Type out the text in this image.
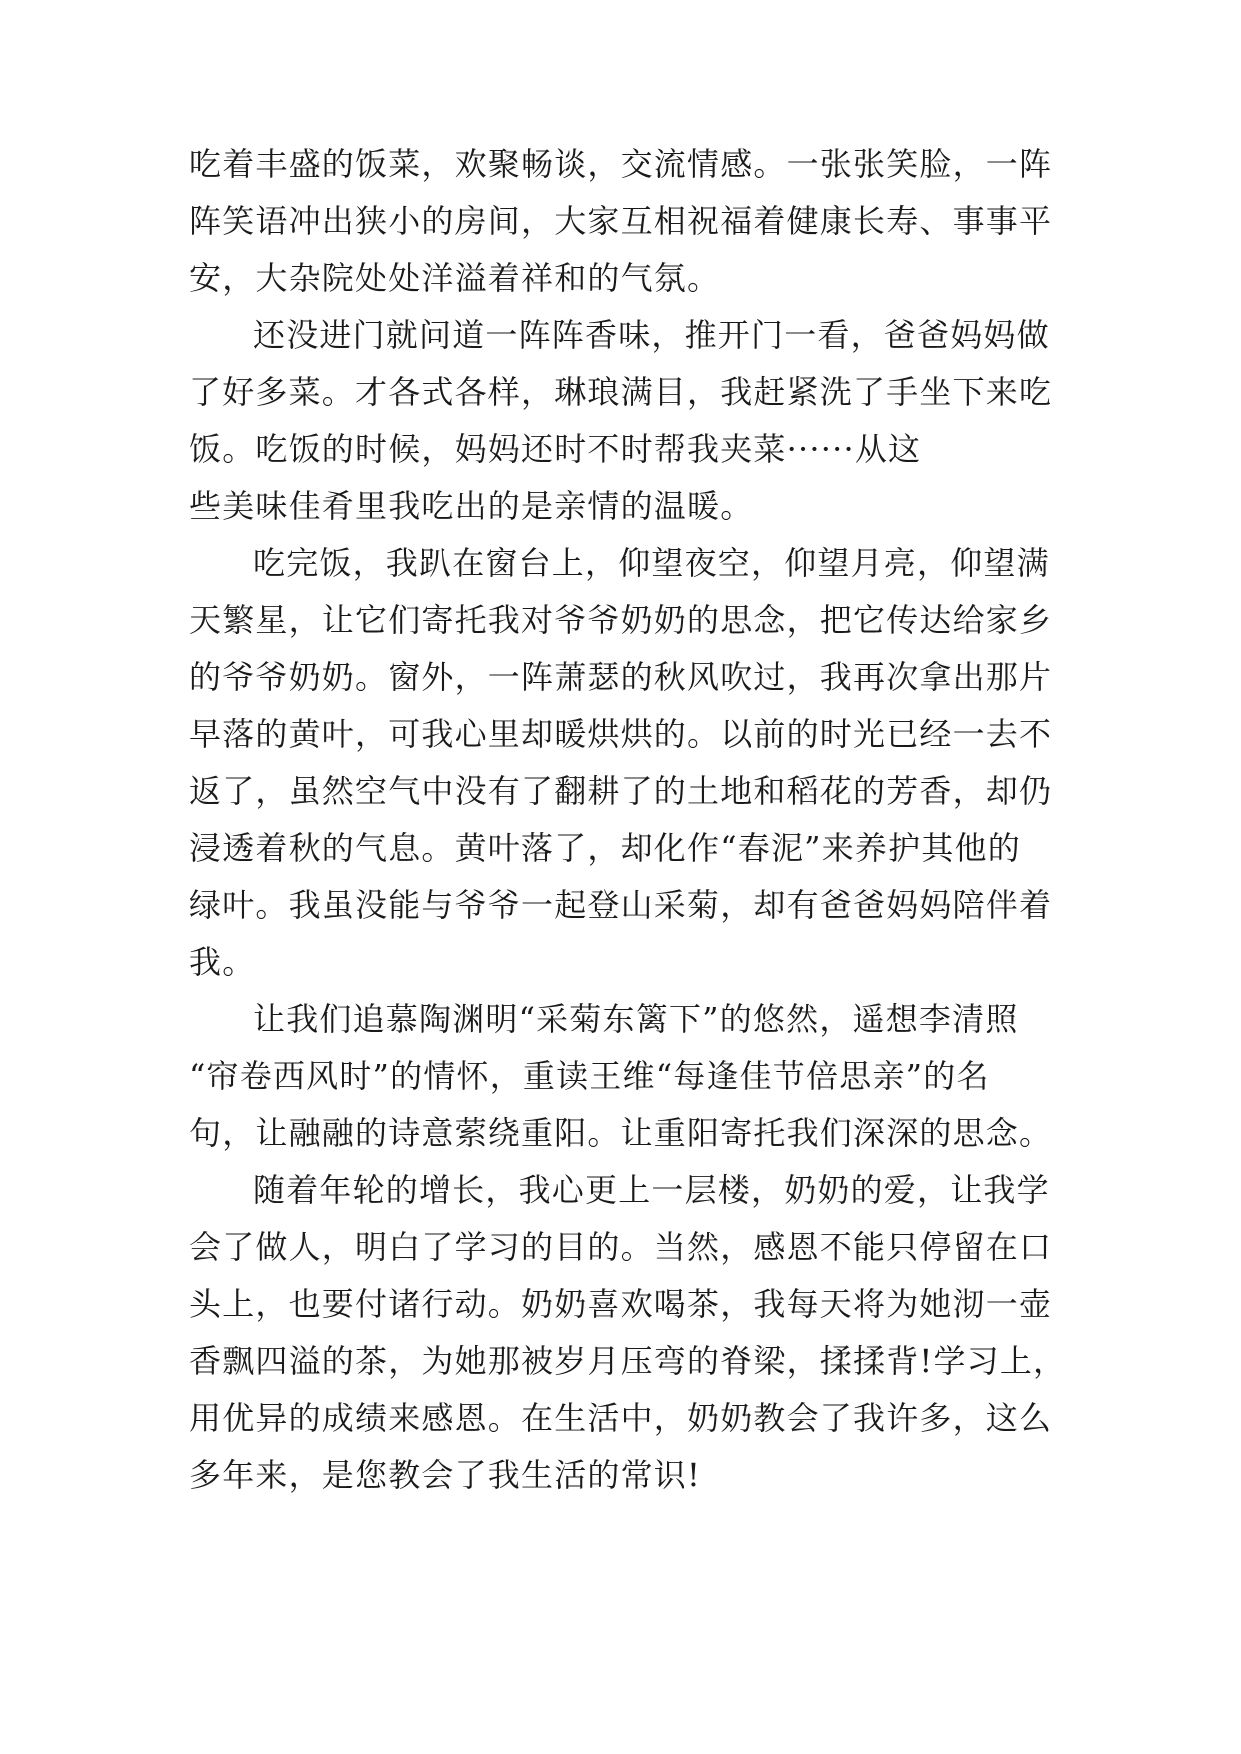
吃着丰盛的饭菜，欢聚畅谈，交流情感。一张张笑脸，一阵
阵笑语冲出狭小的房间，大家互相祝福着健康长寿、事事平
安，大杂院处处洋溢着祥和的气氛。
还没进门就问道一阵阵香味，推开门一看，爸爸妈妈做
了好多菜。才各式各样，琳琅满目，我赶紧洗了手坐下来吃
饭。吃饭的时候，妈妈还时不时帮我夹菜······从这
些美味佳肴里我吃出的是亲情的温暖。
吃完饭，我趴在窗台上，仰望夜空，仰望月亮，仰望满
天繁星，让它们寄托我对爷爷奶奶的思念，把它传达给家乡
的爷爷奶奶。窗外，一阵萧瑟的秋风吹过，我再次拿出那片
早落的黄叶，可我心里却暖烘烘的。以前的时光已经一去不
返了，虽然空气中没有了翻耕了的土地和稻花的芳香，却仍
浸透着秋的气息。黄叶落了，却化作“春泥”来养护其他的
绿叶。我虽没能与爷爷一起登山采菊，却有爸爸妈妈陪伴着
我。
让我们追慕陶渊明“采菊东篱下”的悠然，遥想李清照
“帘卷西风时”的情怀，重读王维“每逢佳节倍思亲”的名
句，让融融的诗意萦绕重阳。让重阳寄托我们深深的思念。
随着年轮的增长，我心更上一层楼，奶奶的爱，让我学
会了做人，明白了学习的目的。当然，感恩不能只停留在口
头上，也要付诸行动。奶奶喜欢喝茶，我每天将为她沏一壶
香飘四溢的茶，为她那被岁月压弯的脊梁，揉揉背!学习上，
用优异的成绩来感恩。在生活中，奶奶教会了我许多，这么
多年来，是您教会了我生活的常识!
